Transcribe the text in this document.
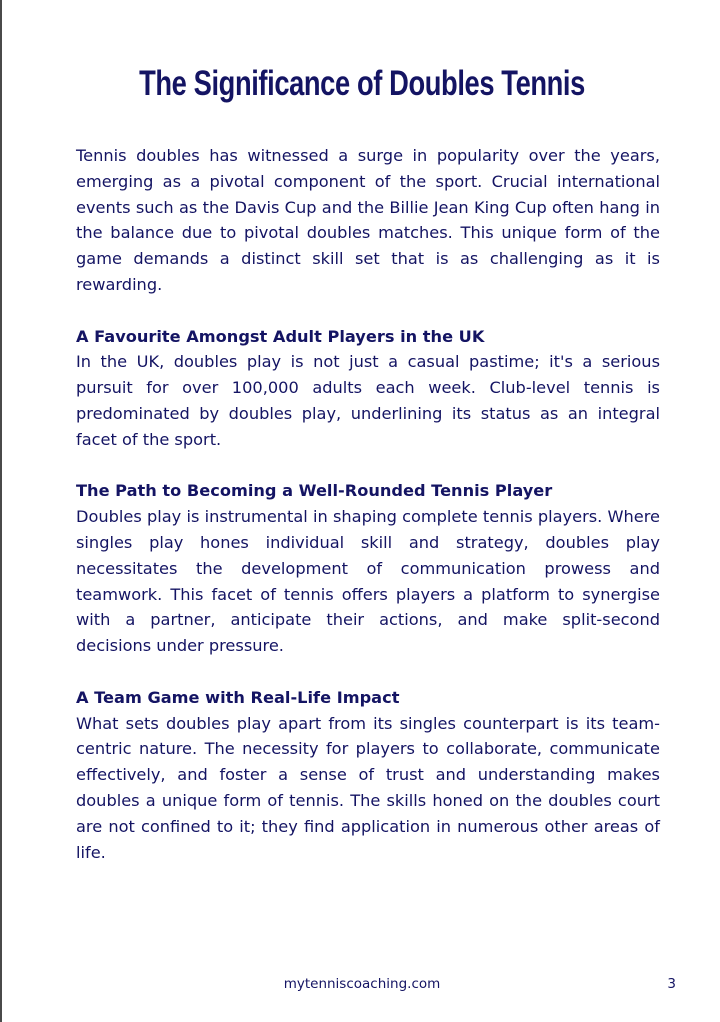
The Significance of Doubles Tennis

Tennis doubles has witnessed a surge in popularity over the years, emerging as a pivotal component of the sport. Crucial international events such as the Davis Cup and the Billie Jean King Cup often hang in the balance due to pivotal doubles matches. This unique form of the game demands a distinct skill set that is as challenging as it is rewarding.

A Favourite Amongst Adult Players in the UK

In the UK, doubles play is not just a casual pastime; it's a serious pursuit for over 100,000 adults each week. Club-level tennis is predominated by doubles play, underlining its status as an integral facet of the sport.

The Path to Becoming a Well-Rounded Tennis Player

Doubles play is instrumental in shaping complete tennis players. Where singles play hones individual skill and strategy, doubles play necessitates the development of communication prowess and teamwork. This facet of tennis offers players a platform to synergise with a partner, anticipate their actions, and make split-second decisions under pressure.

A Team Game with Real-Life Impact

What sets doubles play apart from its singles counterpart is its team-centric nature. The necessity for players to collaborate, communicate effectively, and foster a sense of trust and understanding makes doubles a unique form of tennis. The skills honed on the doubles court are not confined to it; they find application in numerous other areas of life.

mytenniscoaching.com	3
